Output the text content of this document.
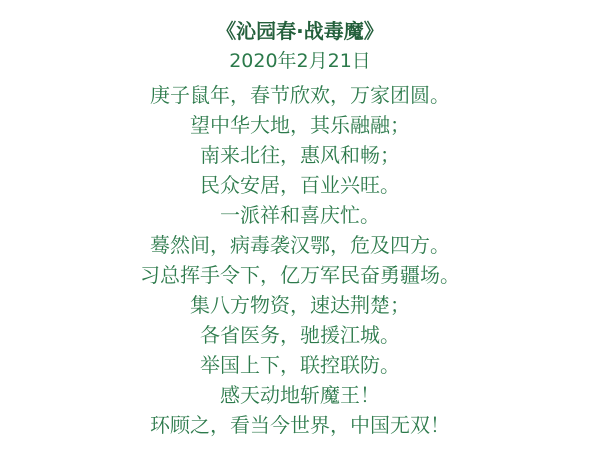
《沁园春·战毒魔》
2020年2月21日
庚子鼠年，春节欣欢，万家团圆。
望中华大地，其乐融融；
南来北往，惠风和畅；
民众安居，百业兴旺。
一派祥和喜庆忙。
蓦然间，病毒袭汉鄂，危及四方。
习总挥手令下，亿万军民奋勇疆场。
集八方物资，速达荆楚；
各省医务，驰援江城。
举国上下，联控联防。
感天动地斩魔王！
环顾之，看当今世界，中国无双！
